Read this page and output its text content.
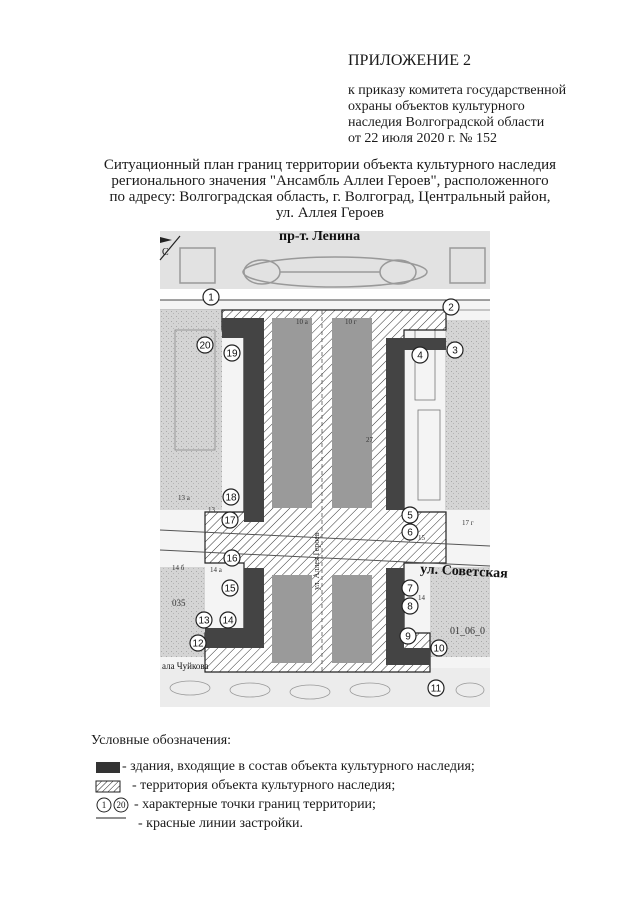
ПРИЛОЖЕНИЕ 2
к приказу комитета государственной
охраны объектов культурного
наследия Волгоградской области
от 22 июля 2020 г. № 152
Ситуационный план границ территории объекта культурного наследия
регионального значения "Ансамбль Аллеи Героев", расположенного
по адресу: Волгоградская область, г. Волгоград, Центральный район,
ул. Аллея Героев
С
пр-т. Ленина
ул. Советская
ул. Аллея Героев
ала Чуйкова
10 а	10 г
27
13 а
13
14 б	14 а
17 г
15
14
035
01_06_0
1
2
3
4
5
6
7
8
9
10
11
12
13 14
15
16
17
18
19
20
Условные обозначения:
- здания, входящие в состав объекта культурного наследия;
- территория объекта культурного наследия;
1 20 - характерные точки границ территории;
- красные линии застройки.
